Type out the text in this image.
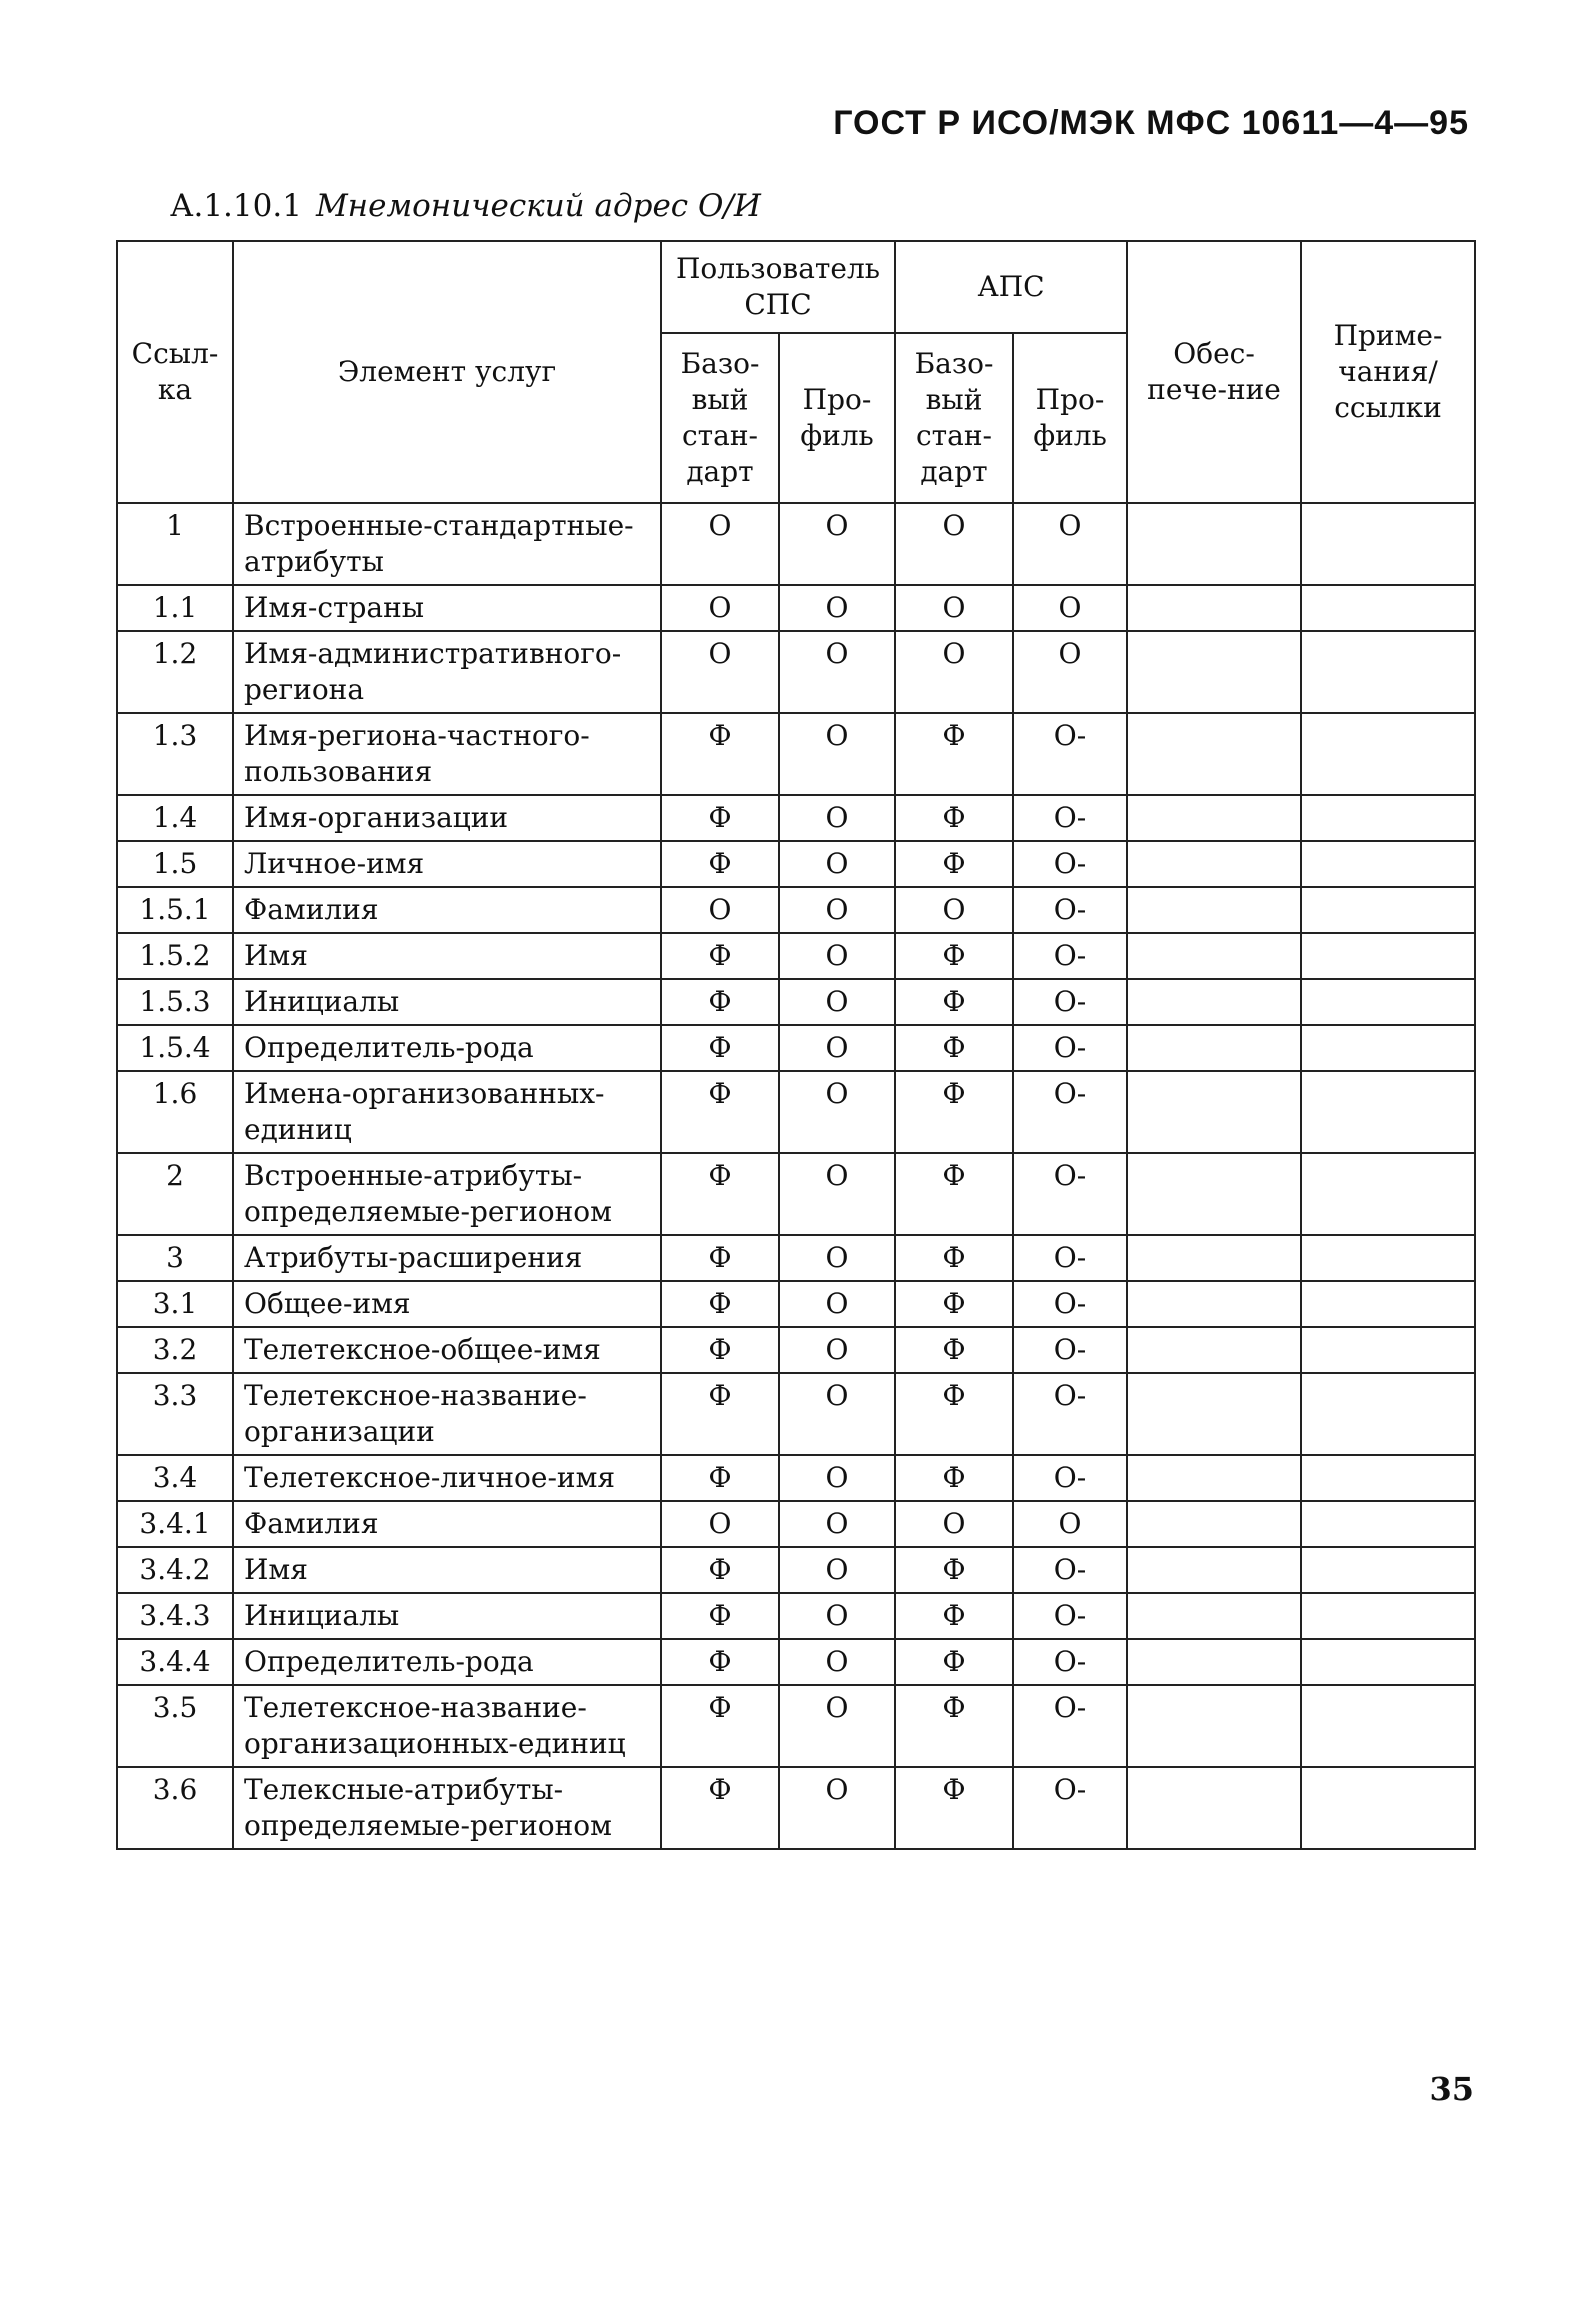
ГОСТ Р ИСО/МЭК МФС 10611—4—95
А.1.10.1 Мнемонический адрес О/И
Ссыл-ка	Элемент услуг	Пользователь СПС		АПС		Обес-пече-ние	Приме-чания/ ссылки
		Базо-вый стан-дарт	Про-филь	Базо-вый стан-дарт	Про-филь		
1	Встроенные-стандартные-атрибуты	О	О	О	О		
1.1	Имя-страны	О	О	О	О		
1.2	Имя-административного-региона	О	О	О	О		
1.3	Имя-региона-частного-пользования	Ф	О	Ф	О-		
1.4	Имя-организации	Ф	О	Ф	О-		
1.5	Личное-имя	Ф	О	Ф	О-		
1.5.1	Фамилия	О	О	О	О-		
1.5.2	Имя	Ф	О	Ф	О-		
1.5.3	Инициалы	Ф	О	Ф	О-		
1.5.4	Определитель-рода	Ф	О	Ф	О-		
1.6	Имена-организованных-единиц	Ф	О	Ф	О-		
2	Встроенные-атрибуты-определяемые-регионом	Ф	О	Ф	О-		
3	Атрибуты-расширения	Ф	О	Ф	О-		
3.1	Общее-имя	Ф	О	Ф	О-		
3.2	Телетексное-общее-имя	Ф	О	Ф	О-		
3.3	Телетексное-название-организации	Ф	О	Ф	О-		
3.4	Телетексное-личное-имя	Ф	О	Ф	О-		
3.4.1	Фамилия	О	О	О	О		
3.4.2	Имя	Ф	О	Ф	О-		
3.4.3	Инициалы	Ф	О	Ф	О-		
3.4.4	Определитель-рода	Ф	О	Ф	О-		
3.5	Телетексное-название-организационных-единиц	Ф	О	Ф	О-		
3.6	Телексные-атрибуты-определяемые-регионом	Ф	О	Ф	О-		
35
